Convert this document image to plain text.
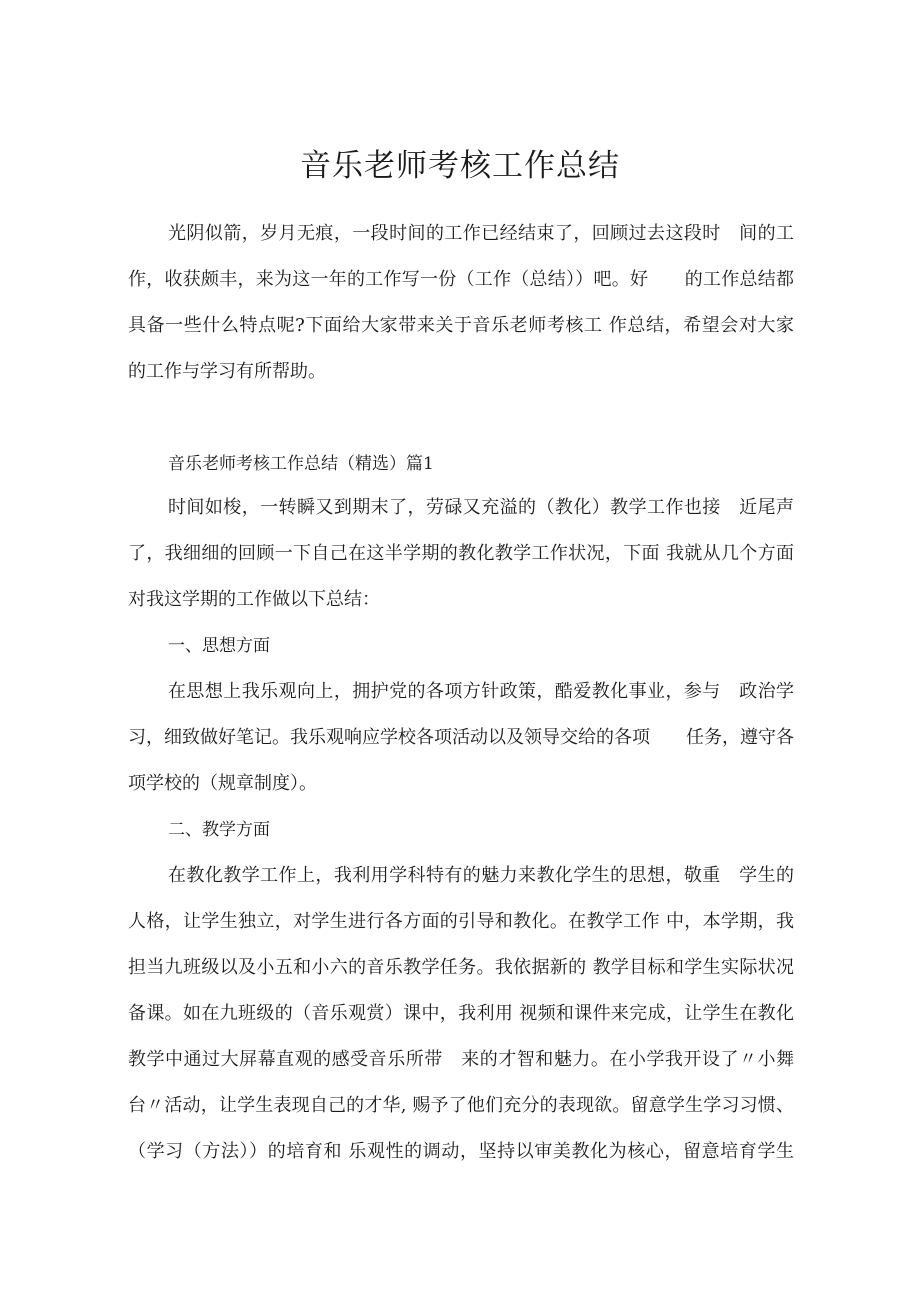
音乐老师考核工作总结
光阴似箭，岁月无痕，一段时间的工作已经结束了，回顾过去这段时　间的工
作，收获颇丰，来为这一年的工作写一份（工作（总结））吧。好　　的工作总结都
具备一些什么特点呢?下面给大家带来关于音乐老师考核工 作总结，希望会对大家
的工作与学习有所帮助。
音乐老师考核工作总结（精选）篇1
时间如梭，一转瞬又到期末了，劳碌又充溢的（教化）教学工作也接　近尾声
了，我细细的回顾一下自己在这半学期的教化教学工作状况，下面 我就从几个方面
对我这学期的工作做以下总结：
一、思想方面
在思想上我乐观向上，拥护党的各项方针政策，酷爱教化事业，参与　政治学
习，细致做好笔记。我乐观响应学校各项活动以及领导交给的各项　　任务，遵守各
项学校的（规章制度）。
二、教学方面
在教化教学工作上，我利用学科特有的魅力来教化学生的思想，敬重　学生的
人格，让学生独立，对学生进行各方面的引导和教化。在教学工作 中，本学期，我
担当九班级以及小五和小六的音乐教学任务。我依据新的 教学目标和学生实际状况
备课。如在九班级的（音乐观赏）课中，我利用 视频和课件来完成，让学生在教化
教学中通过大屏幕直观的感受音乐所带　来的才智和魅力。在小学我开设了〃小舞
台〃活动，让学生表现自己的才华, 赐予了他们充分的表现欲。留意学生学习习惯、
（学习（方法））的培育和 乐观性的调动，坚持以审美教化为核心，留意培育学生
